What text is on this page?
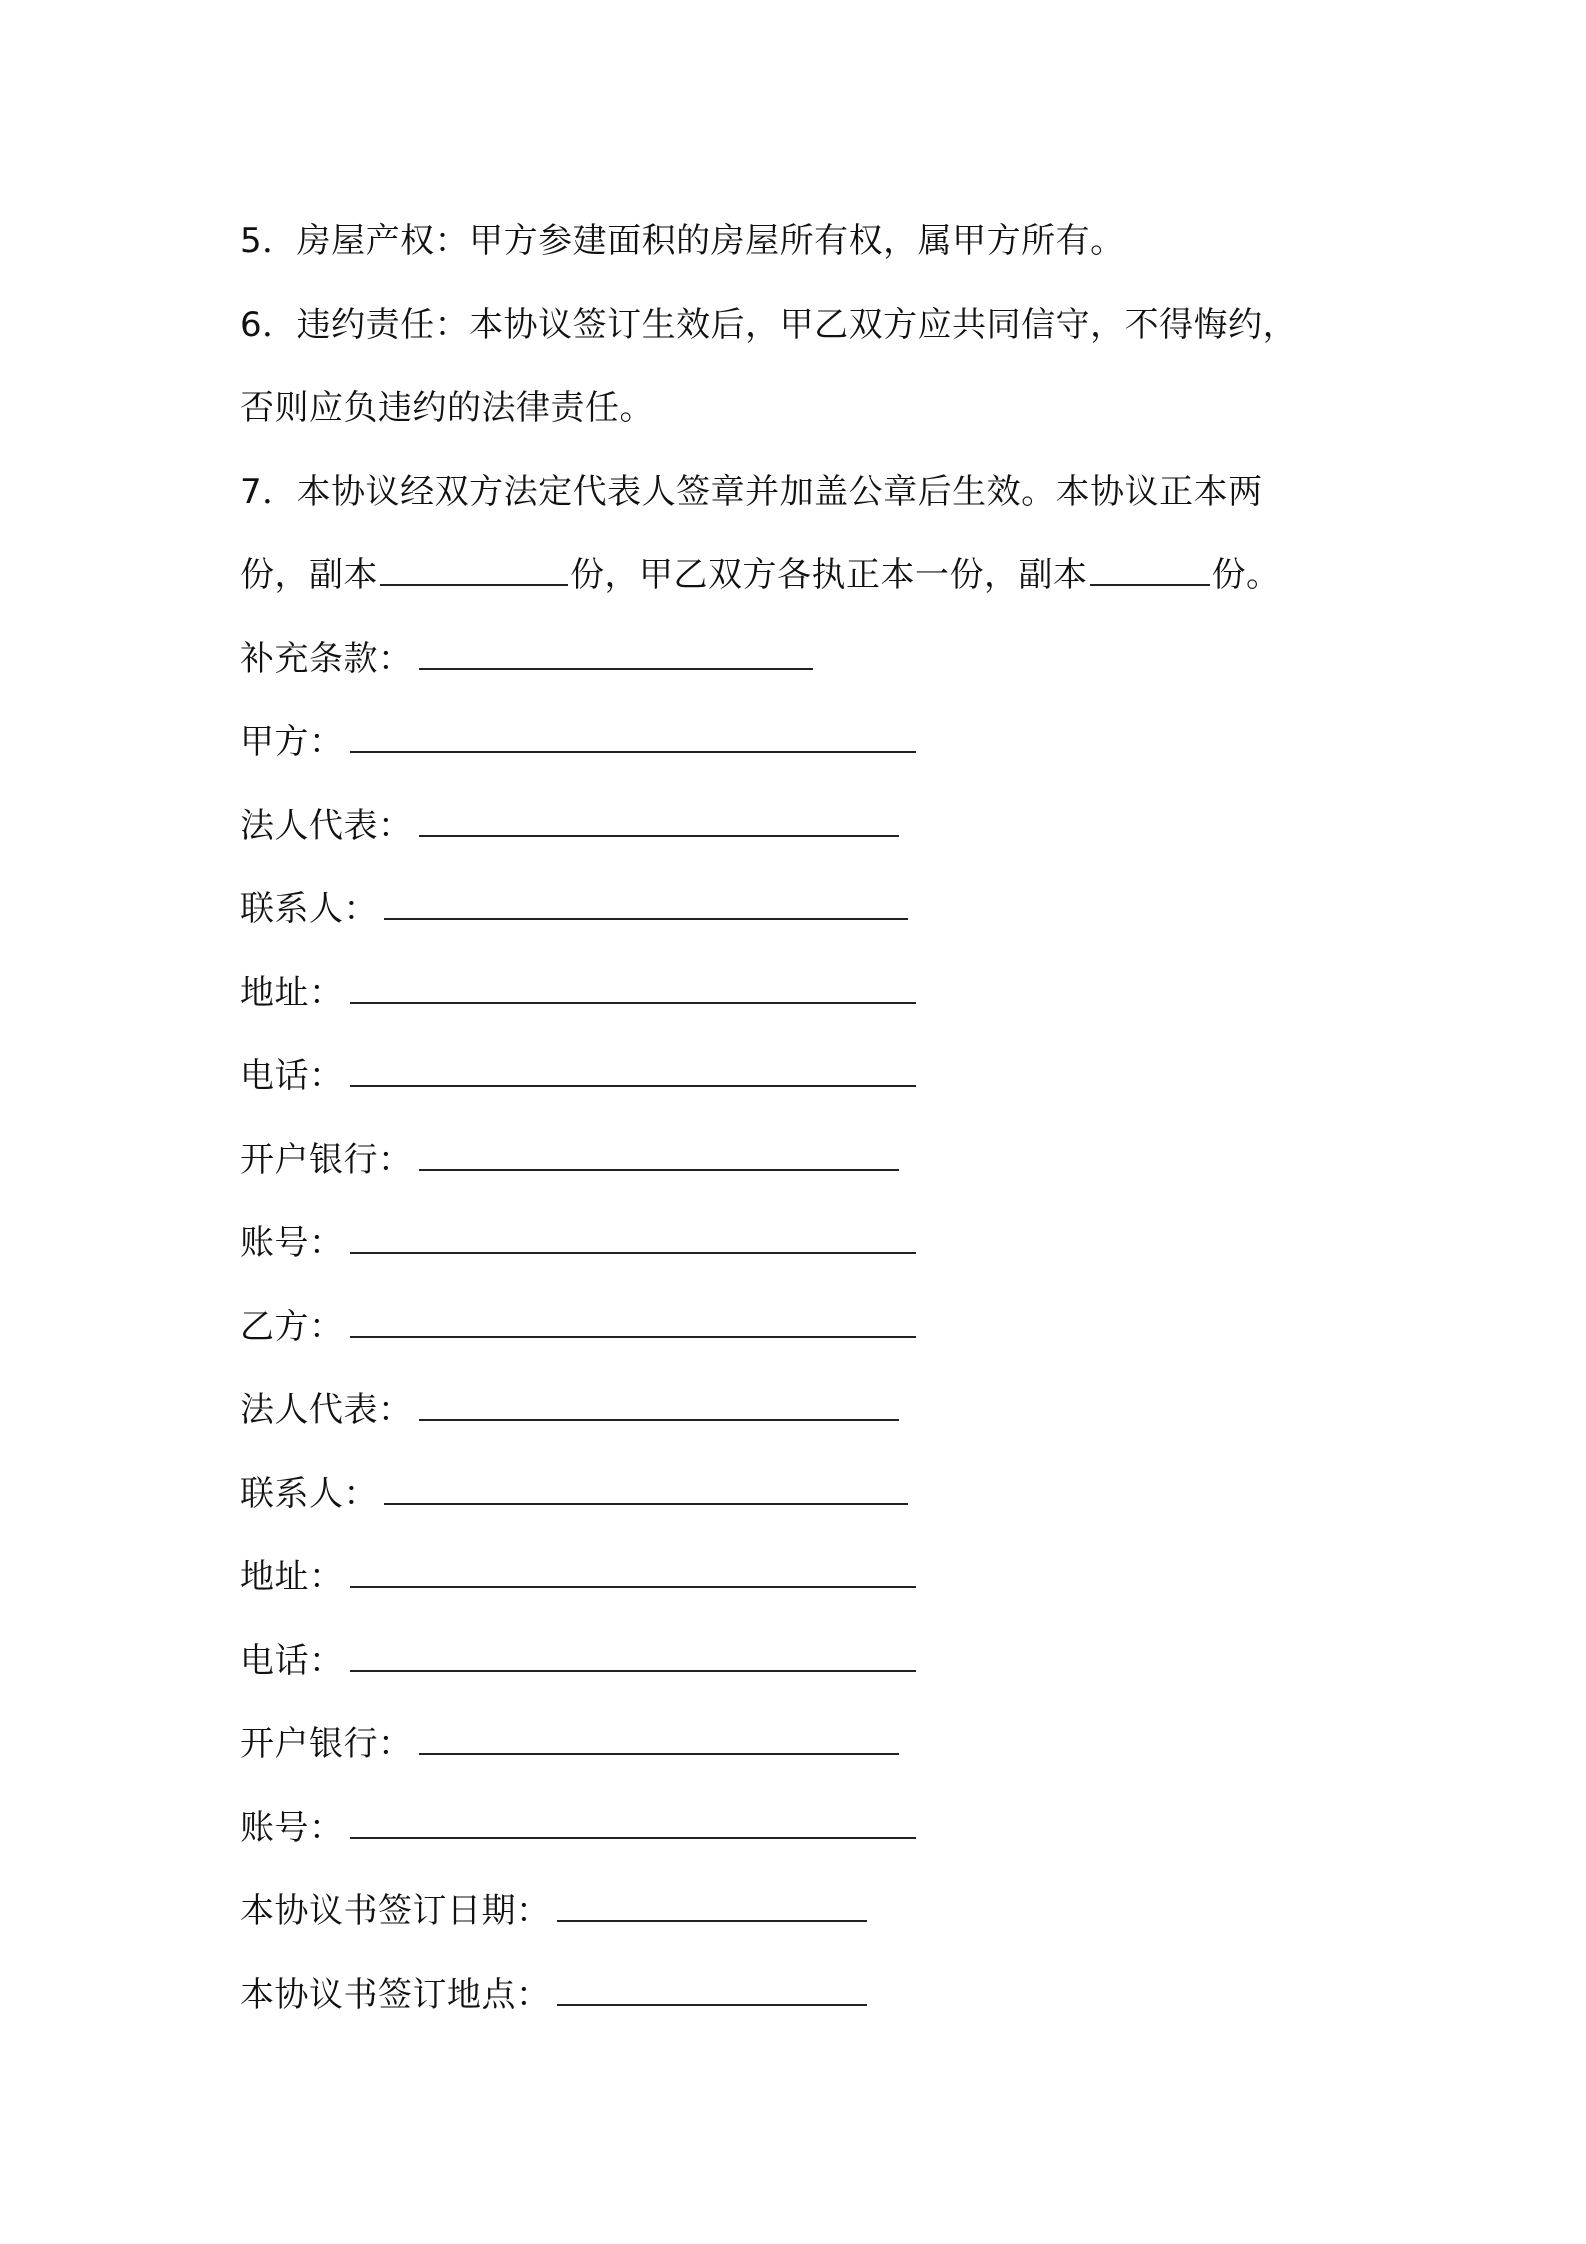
5．房屋产权：甲方参建面积的房屋所有权，属甲方所有。
6．违约责任：本协议签订生效后，甲乙双方应共同信守，不得悔约，
否则应负违约的法律责任。
7．本协议经双方法定代表人签章并加盖公章后生效。本协议正本两
份，副本	份，甲乙双方各执正本一份，副本	份。
补充条款：
甲方：
法人代表：
联系人：
地址：
电话：
开户银行：
账号：
乙方：
法人代表：
联系人：
地址：
电话：
开户银行：
账号：
本协议书签订日期：
本协议书签订地点：
